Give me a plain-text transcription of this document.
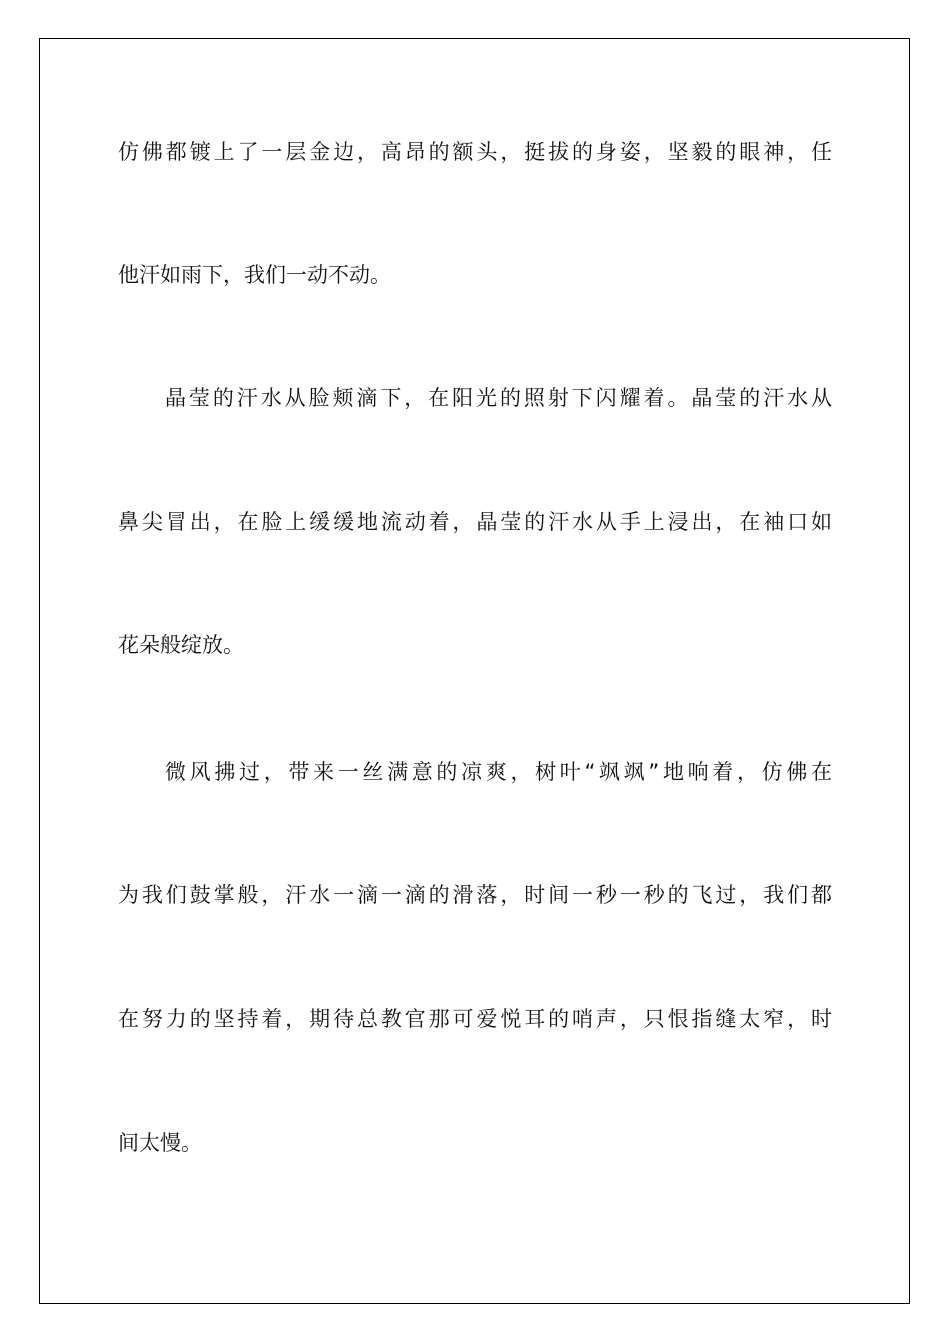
仿佛都镀上了一层金边，高昂的额头，挺拔的身姿，坚毅的眼神，任
他汗如雨下，我们一动不动。
晶莹的汗水从脸颊滴下，在阳光的照射下闪耀着。晶莹的汗水从
鼻尖冒出，在脸上缓缓地流动着，晶莹的汗水从手上浸出，在袖口如
花朵般绽放。
微风拂过，带来一丝满意的凉爽，树叶“飒飒”地响着，仿佛在
为我们鼓掌般，汗水一滴一滴的滑落，时间一秒一秒的飞过，我们都
在努力的坚持着，期待总教官那可爱悦耳的哨声，只恨指缝太窄，时
间太慢。
